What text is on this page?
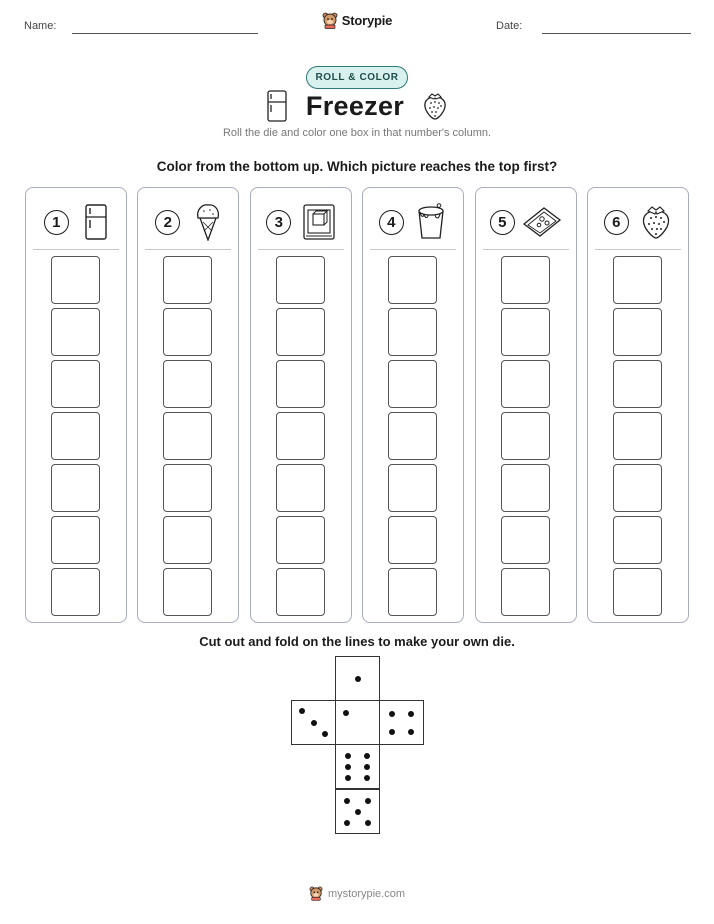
Name:	Storypie	Date:
ROLL & COLOR
Freezer
Roll the die and color one box in that number's column.
Color from the bottom up. Which picture reaches the top first?
1	2	3	4	5	6
Cut out and fold on the lines to make your own die.
mystorypie.com
